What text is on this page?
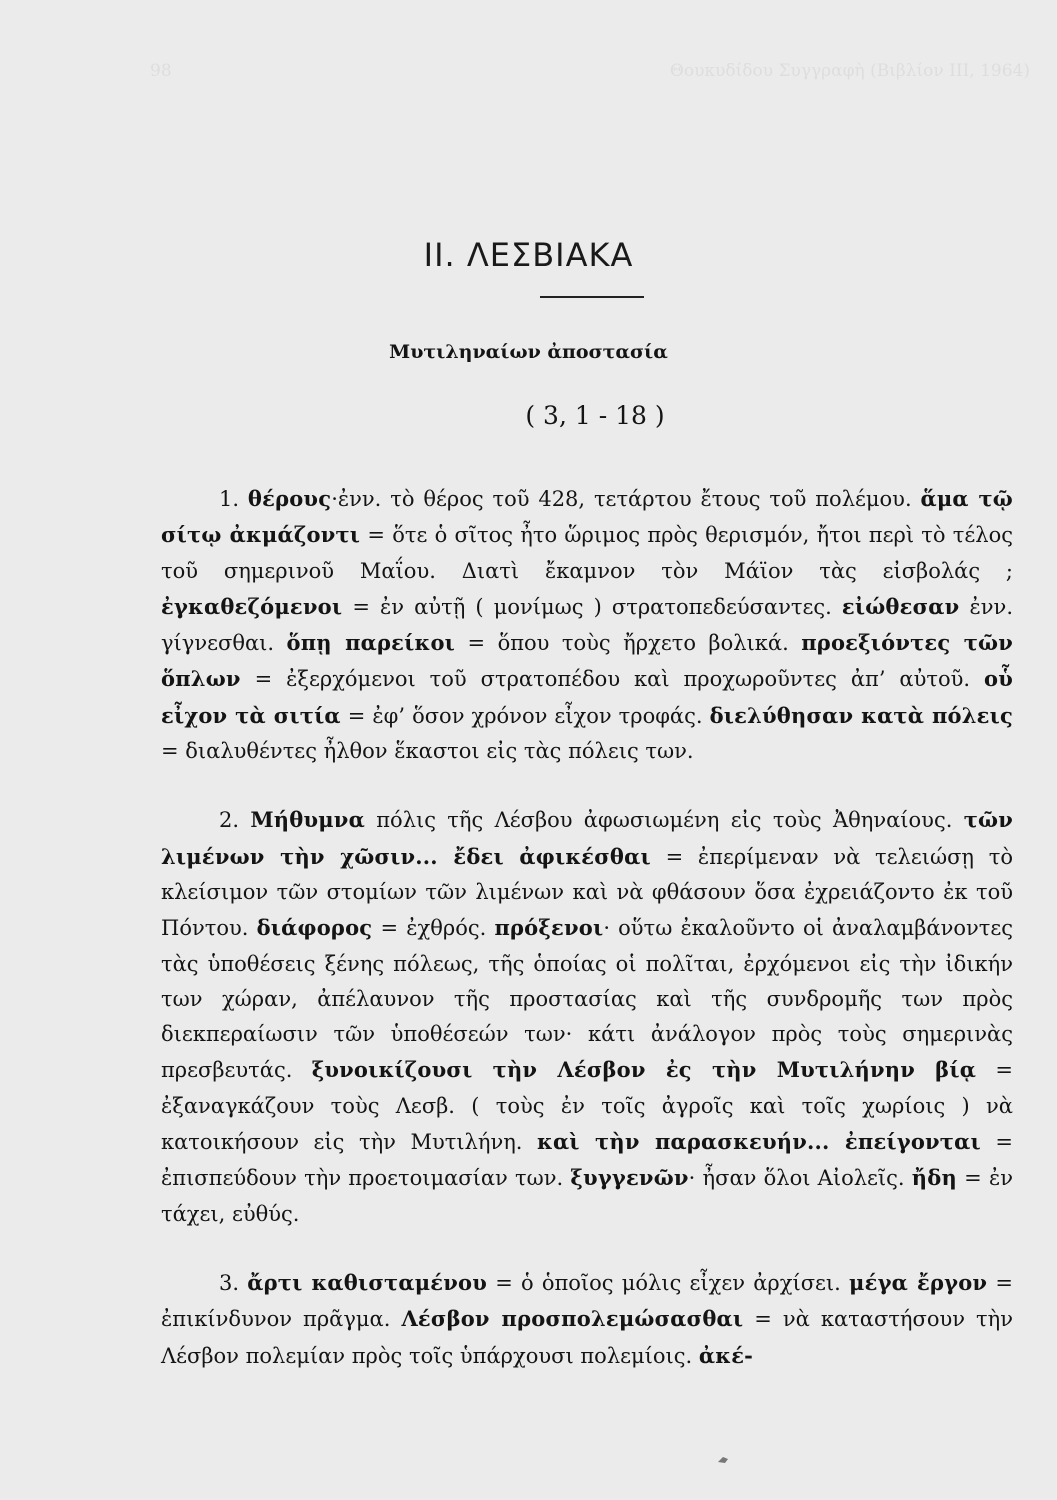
98	Θουκυδίδου Συγγραφὴ (Βιβλίον ΙΙΙ, 1964)
II. ΛΕΣΒΙΑΚΑ
Μυτιληναίων ἀποστασία
( 3, 1 - 18 )

1. θέρους·ἐνν. τὸ θέρος τοῦ 428, τετάρτου ἔτους τοῦ πολέμου. ἅμα τῷ σίτῳ ἀκμάζοντι = ὅτε ὁ σῖτος ἦτο ὥριμος πρὸς θερισμόν, ἤτοι περὶ τὸ τέλος τοῦ σημερινοῦ Μαΐου. Διατὶ ἔκαμνον τὸν Μάϊον τὰς εἰσβολάς ; ἐγκαθεζόμενοι = ἐν αὐτῇ ( μονίμως ) στρατοπεδεύσαντες. εἰώθεσαν ἐνν. γίγνεσθαι. ὅπῃ παρείκοι = ὅπου τοὺς ἤρχετο βολικά. προεξιόντες τῶν ὅπλων = ἐξερχόμενοι τοῦ στρατοπέδου καὶ προχωροῦντες ἀπ’ αὐτοῦ. οὗ εἶχον τὰ σιτία = ἐφ’ ὅσον χρόνον εἶχον τροφάς. διελύθησαν κατὰ πόλεις = διαλυθέντες ἦλθον ἕκαστοι εἰς τὰς πόλεις των.

2. Μήθυμνα πόλις τῆς Λέσβου ἀφωσιωμένη εἰς τοὺς Ἀθηναίους. τῶν λιμένων τὴν χῶσιν... ἔδει ἀφικέσθαι = ἐπερίμεναν νὰ τελειώσῃ τὸ κλείσιμον τῶν στομίων τῶν λιμένων καὶ νὰ φθάσουν ὅσα ἐχρειάζοντο ἐκ τοῦ Πόντου. διάφορος = ἐχθρός. πρόξενοι· οὕτω ἐκαλοῦντο οἱ ἀναλαμβάνοντες τὰς ὑποθέσεις ξένης πόλεως, τῆς ὁποίας οἱ πολῖται, ἐρχόμενοι εἰς τὴν ἰδικήν των χώραν, ἀπέλαυνον τῆς προστασίας καὶ τῆς συνδρομῆς των πρὸς διεκπεραίωσιν τῶν ὑποθέσεών των· κάτι ἀνάλογον πρὸς τοὺς σημερινὰς πρεσβευτάς. ξυνοικίζουσι τὴν Λέσβον ἐς τὴν Μυτιλήνην βίᾳ = ἐξαναγκάζουν τοὺς Λεσβ. ( τοὺς ἐν τοῖς ἀγροῖς καὶ τοῖς χωρίοις ) νὰ κατοικήσουν εἰς τὴν Μυτιλήνη. καὶ τὴν παρασκευήν... ἐπείγονται = ἐπισπεύδουν τὴν προετοιμασίαν των. ξυγγενῶν· ἦσαν ὅλοι Αἰολεῖς. ἤδη = ἐν τάχει, εὐθύς.

3. ἄρτι καθισταμένου = ὁ ὁποῖος μόλις εἶχεν ἀρχίσει. μέγα ἔργον = ἐπικίνδυνον πρᾶγμα. Λέσβον προσπολεμώσασθαι = νὰ καταστήσουν τὴν Λέσβον πολεμίαν πρὸς τοῖς ὑπάρχουσι πολεμίοις. ἀκέ-
